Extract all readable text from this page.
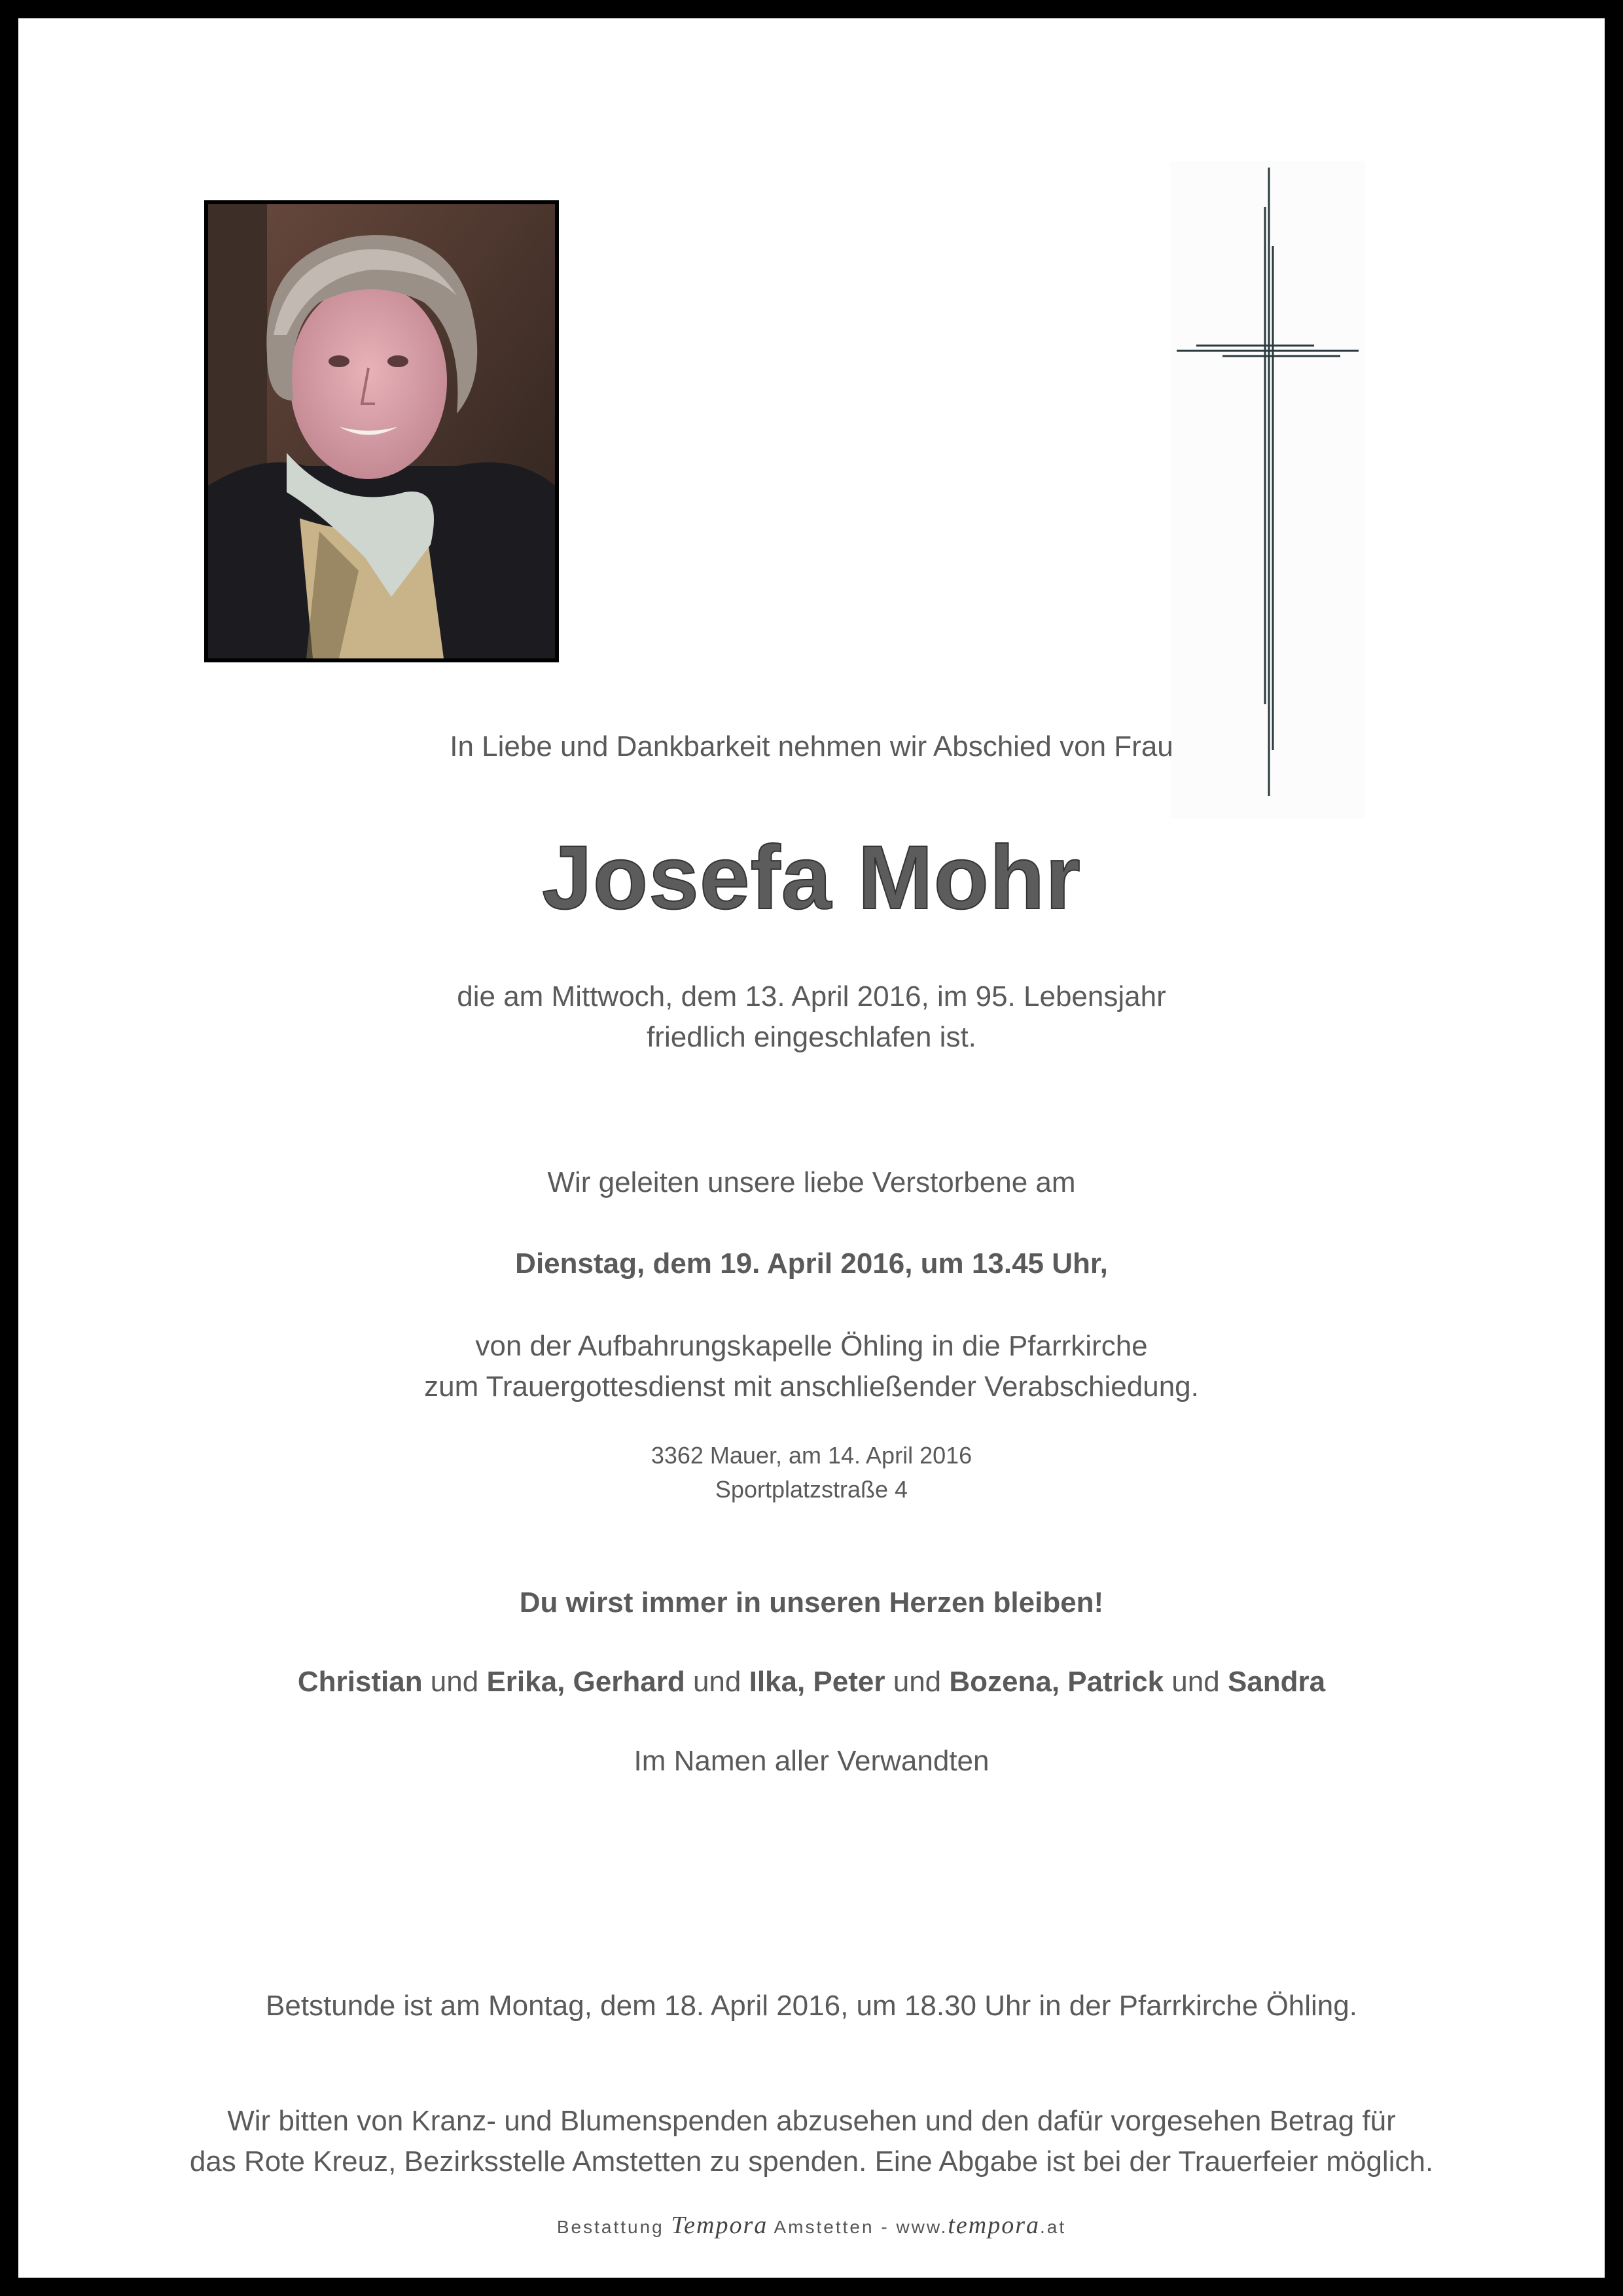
In Liebe und Dankbarkeit nehmen wir Abschied von Frau
Josefa Mohr
die am Mittwoch, dem 13. April 2016, im 95. Lebensjahr
friedlich eingeschlafen ist.
Wir geleiten unsere liebe Verstorbene am
Dienstag, dem 19. April 2016, um 13.45 Uhr,
von der Aufbahrungskapelle Öhling in die Pfarrkirche
zum Trauergottesdienst mit anschließender Verabschiedung.
3362 Mauer, am 14. April 2016
Sportplatzstraße 4
Du wirst immer in unseren Herzen bleiben!
Christian und Erika, Gerhard und Ilka, Peter und Bozena, Patrick und Sandra
Im Namen aller Verwandten
Betstunde ist am Montag, dem 18. April 2016, um 18.30 Uhr in der Pfarrkirche Öhling.
Wir bitten von Kranz- und Blumenspenden abzusehen und den dafür vorgesehen Betrag für
das Rote Kreuz, Bezirksstelle Amstetten zu spenden. Eine Abgabe ist bei der Trauerfeier möglich.
Bestattung Tempora Amstetten - www.tempora.at
